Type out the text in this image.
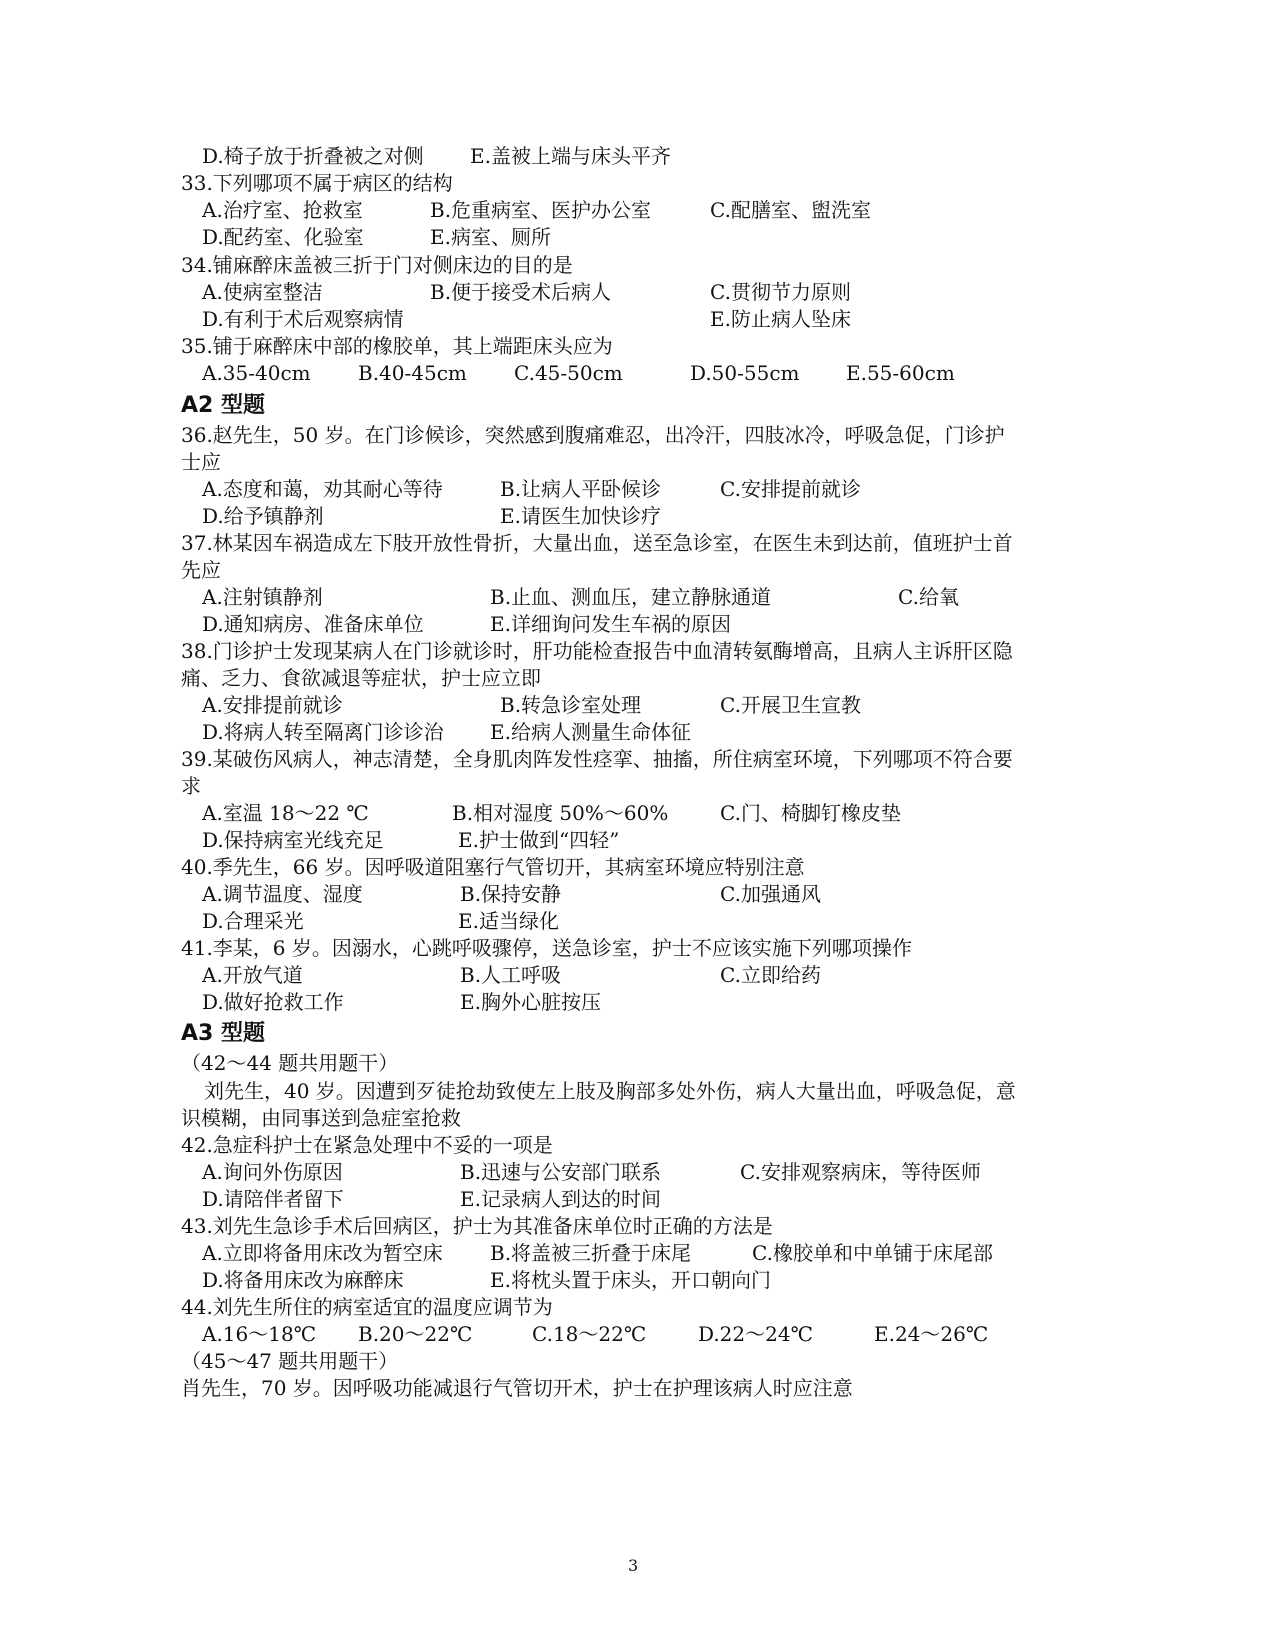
D.椅子放于折叠被之对侧 E.盖被上端与床头平齐
33.下列哪项不属于病区的结构
A.治疗室、抢救室	B.危重病室、医护办公室	C.配膳室、盥洗室
D.配药室、化验室	E.病室、厕所
34.铺麻醉床盖被三折于门对侧床边的目的是
A.使病室整洁	B.便于接受术后病人	C.贯彻节力原则
D.有利于术后观察病情	E.防止病人坠床
35.铺于麻醉床中部的橡胶单，其上端距床头应为
A.35-40cm B.40-45cm C.45-50cm	D.50-55cm E.55-60cm
A2 型题
36.赵先生，50 岁。在门诊候诊，突然感到腹痛难忍，出冷汗，四肢冰冷，呼吸急促，门诊护
士应
A.态度和蔼，劝其耐心等待	B.让病人平卧候诊	C.安排提前就诊
D.给予镇静剂	E.请医生加快诊疗
37.林某因车祸造成左下肢开放性骨折，大量出血，送至急诊室，在医生未到达前，值班护士首
先应
A.注射镇静剂	B.止血、测血压，建立静脉通道	C.给氧
D.通知病房、准备床单位	E.详细询问发生车祸的原因
38.门诊护士发现某病人在门诊就诊时，肝功能检查报告中血清转氨酶增高，且病人主诉肝区隐
痛、乏力、食欲减退等症状，护士应立即
A.安排提前就诊	B.转急诊室处理	C.开展卫生宣教
D.将病人转至隔离门诊诊治 E.给病人测量生命体征
39.某破伤风病人，神志清楚，全身肌肉阵发性痉挛、抽搐，所住病室环境，下列哪项不符合要
求
A.室温 18～22 ℃	B.相对湿度 50%～60%	C.门、椅脚钉橡皮垫
D.保持病室光线充足	E.护士做到“四轻”
40.季先生，66 岁。因呼吸道阻塞行气管切开，其病室环境应特别注意
A.调节温度、湿度	B.保持安静	C.加强通风
D.合理采光	E.适当绿化
41.李某，6 岁。因溺水，心跳呼吸骤停，送急诊室，护士不应该实施下列哪项操作
A.开放气道	B.人工呼吸	C.立即给药
D.做好抢救工作	E.胸外心脏按压
A3 型题
（42～44 题共用题干）
刘先生，40 岁。因遭到歹徒抢劫致使左上肢及胸部多处外伤，病人大量出血，呼吸急促，意
识模糊，由同事送到急症室抢救
42.急症科护士在紧急处理中不妥的一项是
A.询问外伤原因	B.迅速与公安部门联系	C.安排观察病床，等待医师
D.请陪伴者留下	E.记录病人到达的时间
43.刘先生急诊手术后回病区，护士为其准备床单位时正确的方法是
A.立即将备用床改为暂空床 B.将盖被三折叠于床尾	C.橡胶单和中单铺于床尾部
D.将备用床改为麻醉床	E.将枕头置于床头，开口朝向门
44.刘先生所住的病室适宜的温度应调节为
A.16～18℃ B.20～22℃	C.18～22℃	D.22～24℃	E.24～26℃
（45～47 题共用题干）
肖先生，70 岁。因呼吸功能减退行气管切开术，护士在护理该病人时应注意
3
